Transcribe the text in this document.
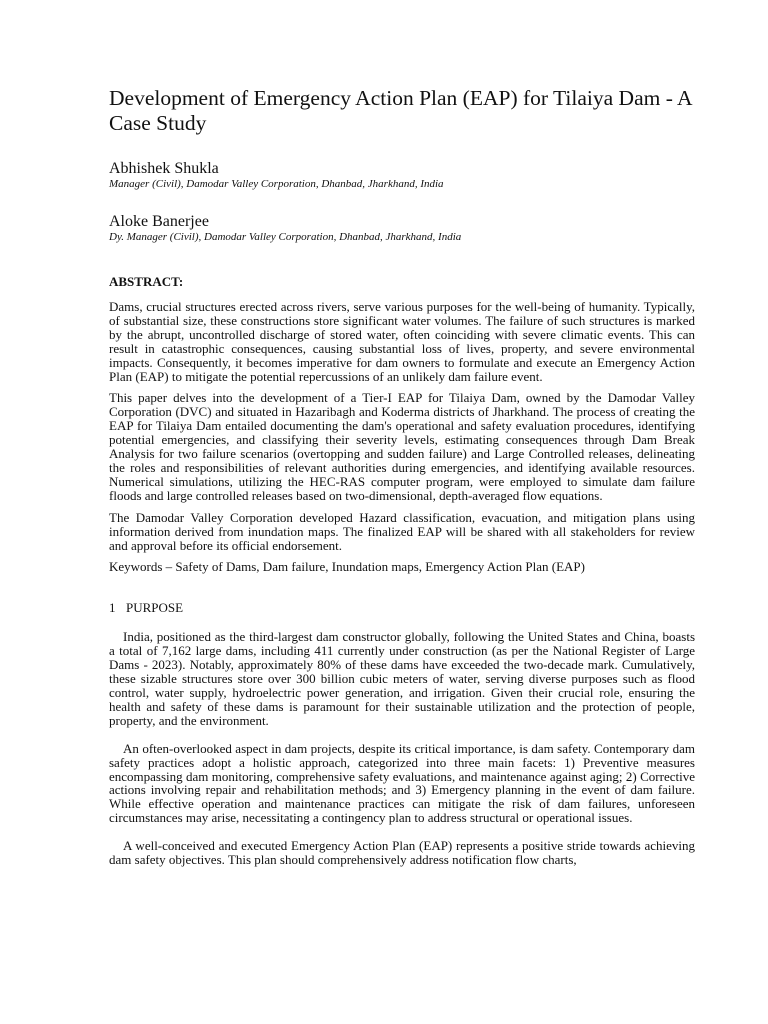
Development of Emergency Action Plan (EAP) for Tilaiya Dam - A Case Study

Abhishek Shukla

Manager (Civil), Damodar Valley Corporation, Dhanbad, Jharkhand, India

Aloke Banerjee

Dy. Manager (Civil), Damodar Valley Corporation, Dhanbad, Jharkhand, India

ABSTRACT:

Dams, crucial structures erected across rivers, serve various purposes for the well-being of humanity. Typically, of substantial size, these constructions store significant water volumes. The failure of such structures is marked by the abrupt, uncontrolled discharge of stored water, often coinciding with severe climatic events. This can result in catastrophic consequences, causing substantial loss of lives, property, and severe environmental impacts. Consequently, it becomes imperative for dam owners to formulate and execute an Emergency Action Plan (EAP) to mitigate the potential repercussions of an unlikely dam failure event.

This paper delves into the development of a Tier-I EAP for Tilaiya Dam, owned by the Damodar Valley Corporation (DVC) and situated in Hazaribagh and Koderma districts of Jharkhand. The process of creating the EAP for Tilaiya Dam entailed documenting the dam's operational and safety evaluation procedures, identifying potential emergencies, and classifying their severity levels, estimating consequences through Dam Break Analysis for two failure scenarios (overtopping and sudden failure) and Large Controlled releases, delineating the roles and responsibilities of relevant authorities during emergencies, and identifying available resources. Numerical simulations, utilizing the HEC-RAS computer program, were employed to simulate dam failure floods and large controlled releases based on two-dimensional, depth-averaged flow equations.

The Damodar Valley Corporation developed Hazard classification, evacuation, and mitigation plans using information derived from inundation maps. The finalized EAP will be shared with all stakeholders for review and approval before its official endorsement.

Keywords – Safety of Dams, Dam failure, Inundation maps, Emergency Action Plan (EAP)

1 PURPOSE

India, positioned as the third-largest dam constructor globally, following the United States and China, boasts a total of 7,162 large dams, including 411 currently under construction (as per the National Register of Large Dams - 2023). Notably, approximately 80% of these dams have exceeded the two-decade mark. Cumulatively, these sizable structures store over 300 billion cubic meters of water, serving diverse purposes such as flood control, water supply, hydroelectric power generation, and irrigation. Given their crucial role, ensuring the health and safety of these dams is paramount for their sustainable utilization and the protection of people, property, and the environment.

An often-overlooked aspect in dam projects, despite its critical importance, is dam safety. Contemporary dam safety practices adopt a holistic approach, categorized into three main facets: 1) Preventive measures encompassing dam monitoring, comprehensive safety evaluations, and maintenance against aging; 2) Corrective actions involving repair and rehabilitation methods; and 3) Emergency planning in the event of dam failure. While effective operation and maintenance practices can mitigate the risk of dam failures, unforeseen circumstances may arise, necessitating a contingency plan to address structural or operational issues.

A well-conceived and executed Emergency Action Plan (EAP) represents a positive stride towards achieving dam safety objectives. This plan should comprehensively address notification flow charts,
